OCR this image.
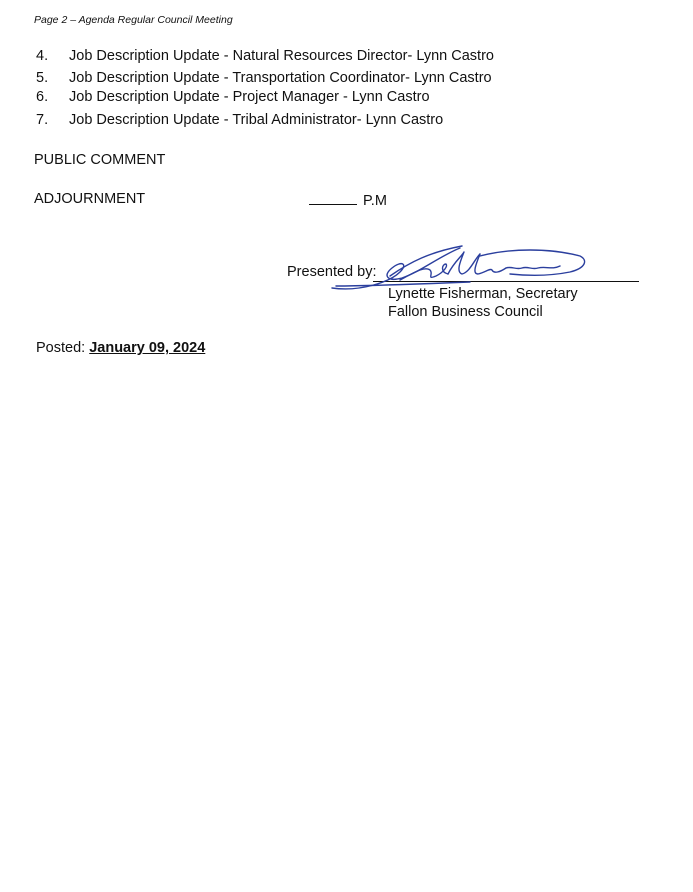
Page 2 – Agenda Regular Council Meeting
4. Job Description Update - Natural Resources Director- Lynn Castro
5. Job Description Update - Transportation Coordinator- Lynn Castro
6. Job Description Update - Project Manager - Lynn Castro
7. Job Description Update - Tribal Administrator- Lynn Castro
PUBLIC COMMENT
ADJOURNMENT	P.M
Presented by:
Lynette Fisherman, Secretary
Fallon Business Council
Posted: January 09, 2024
